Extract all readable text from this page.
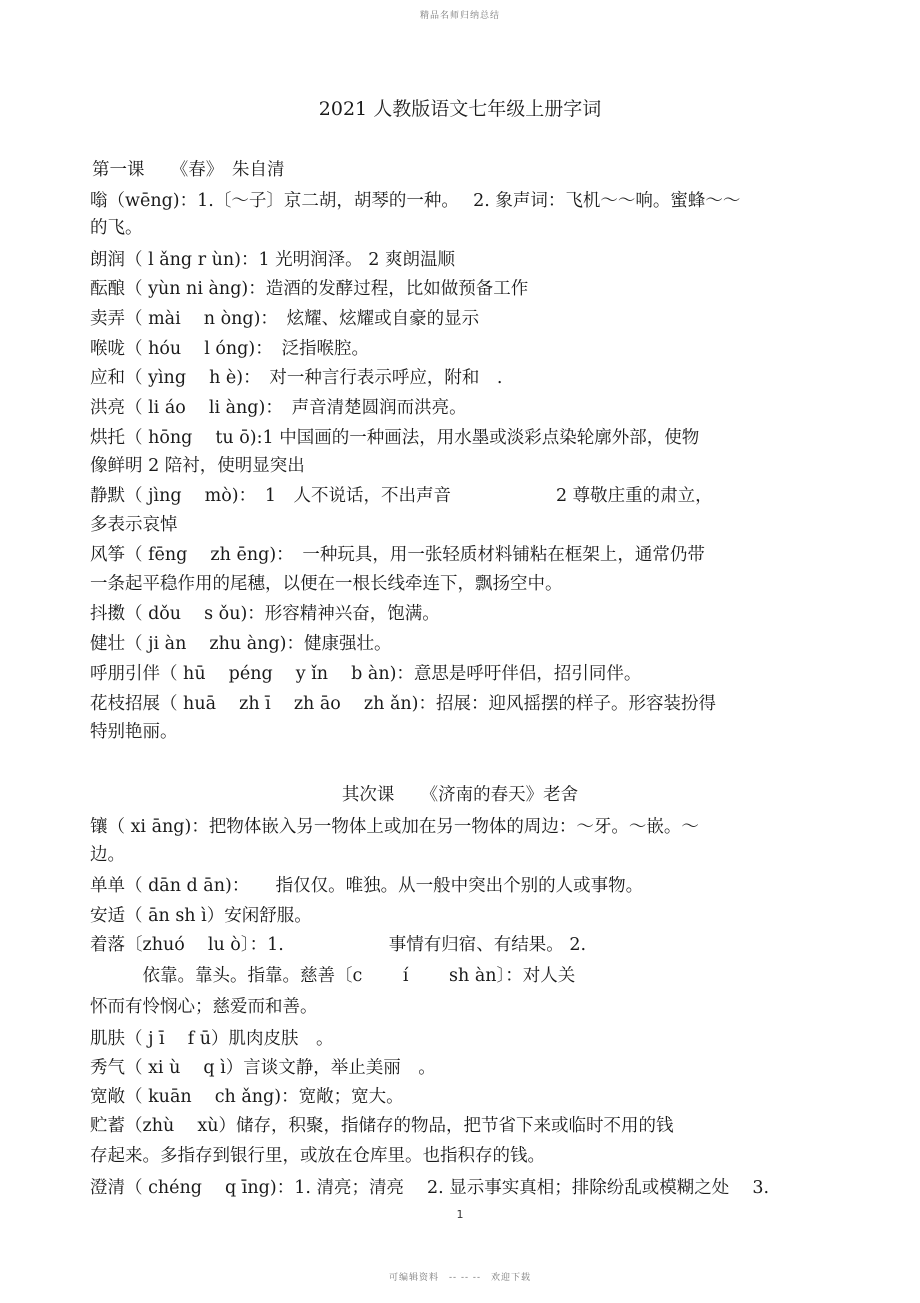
精品名师归纳总结
2021 人教版语文七年级上册字词
第一课　　《春》　朱自清
嗡（wēng)：1.〔～子〕京二胡，胡琴的一种。　 2. 象声词：飞机～～响。蜜蜂～～
的飞。
朗润（ l ǎng r ùn)：1 光明润泽。 2 爽朗温顺
酝酿（ yùn ni àng)：造酒的发酵过程，比如做预备工作
卖弄（ mài　 n òng)：　炫耀、炫耀或自豪的显示
喉咙（ hóu　 l óng)：　泛指喉腔。
应和（ yìng　 h è)：　对一种言行表示呼应，附和　.
洪亮（ li áo　 li àng)：　声音清楚圆润而洪亮。
烘托（ hōng　 tu ō):1 中国画的一种画法，用水墨或淡彩点染轮廓外部，使物
像鲜明 2 陪衬，使明显突出
静默（ jìng　 mò)：　1　人不说话，不出声音　　　　　　2 尊敬庄重的肃立，
多表示哀悼
风筝（ fēng　 zh ēng)：　一种玩具，用一张轻质材料铺粘在框架上，通常仍带
一条起平稳作用的尾穗，以便在一根长线牵连下，飘扬空中。
抖擞（ dǒu　 s ǒu)：形容精神兴奋，饱满。
健壮（ ji àn　 zhu àng)：健康强壮。
呼朋引伴（ hū　 péng　 y ǐn　 b àn)：意思是呼吁伴侣，招引同伴。
花枝招展（ huā　 zh ī　 zh āo　 zh ǎn)：招展：迎风摇摆的样子。形容装扮得
特别艳丽。
其次课　　《济南的春天》老舍
镶（ xi āng)：把物体嵌入另一物体上或加在另一物体的周边：～牙。～嵌。～
边。
单单（ dān d ān)：　　指仅仅。唯独。从一般中突出个别的人或事物。
安适（ ān sh ì）安闲舒服。
着落〔zhuó　 lu ò〕：1.　　　　　　事情有归宿、有结果。 2.
　　　依靠。靠头。指靠。慈善〔c　　 í　　 sh àn〕：对人关
怀而有怜悯心；慈爱而和善。
肌肤（ j ī　 f ū）肌肉皮肤　。
秀气（ xi ù　 q ì）言谈文静，举止美丽　。
宽敞（ kuān　 ch ǎng)：宽敞；宽大。
贮蓄（zhù　 xù）储存，积聚，指储存的物品，把节省下来或临时不用的钱
存起来。多指存到银行里，或放在仓库里。也指积存的钱。
澄清（ chéng　 q īng)：1. 清亮；清亮　 2. 显示事实真相；排除纷乱或模糊之处　 3.
1
可编辑资料　-- -- --　欢迎下载
